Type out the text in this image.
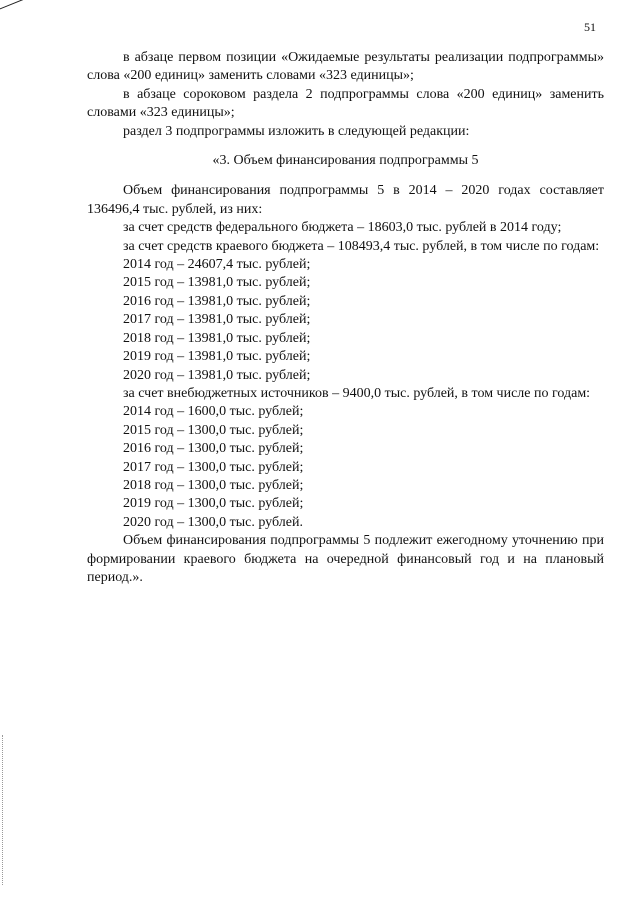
51

в абзаце первом позиции «Ожидаемые результаты реализации подпрограммы» слова «200 единиц» заменить словами «323 единицы»;

в абзаце сороковом раздела 2 подпрограммы слова «200 единиц» заменить словами «323 единицы»;

раздел 3 подпрограммы изложить в следующей редакции:

«3. Объем финансирования подпрограммы 5

Объем финансирования подпрограммы 5 в 2014 – 2020 годах составляет 136496,4 тыс. рублей, из них:

за счет средств федерального бюджета – 18603,0 тыс. рублей в 2014 году;

за счет средств краевого бюджета – 108493,4 тыс. рублей, в том числе по годам:

2014 год – 24607,4 тыс. рублей;
2015 год – 13981,0 тыс. рублей;
2016 год – 13981,0 тыс. рублей;
2017 год – 13981,0 тыс. рублей;
2018 год – 13981,0 тыс. рублей;
2019 год – 13981,0 тыс. рублей;
2020 год – 13981,0 тыс. рублей;

за счет внебюджетных источников – 9400,0 тыс. рублей, в том числе по годам:

2014 год – 1600,0 тыс. рублей;
2015 год – 1300,0 тыс. рублей;
2016 год – 1300,0 тыс. рублей;
2017 год – 1300,0 тыс. рублей;
2018 год – 1300,0 тыс. рублей;
2019 год – 1300,0 тыс. рублей;
2020 год – 1300,0 тыс. рублей.

Объем финансирования подпрограммы 5 подлежит ежегодному уточнению при формировании краевого бюджета на очередной финансовый год и на плановый период.».
